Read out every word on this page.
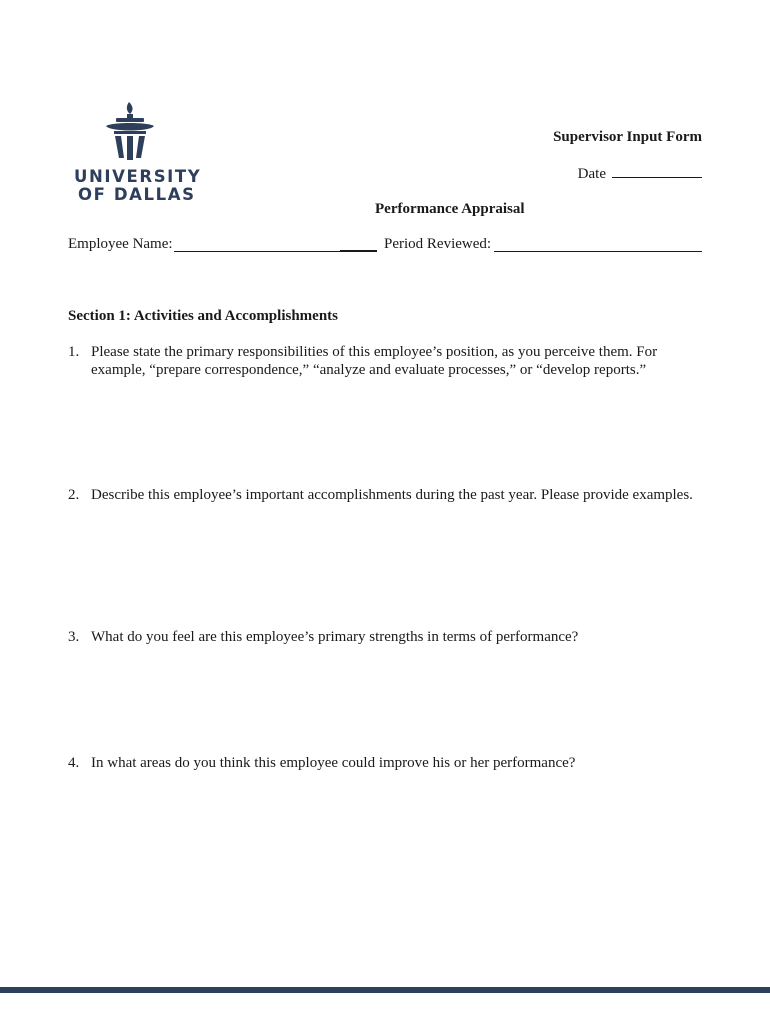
UNIVERSITY
OF DALLAS
Supervisor Input Form
Date
Performance Appraisal
Employee Name:	Period Reviewed:
Section 1: Activities and Accomplishments
1. Please state the primary responsibilities of this employee’s position, as you perceive them. For example, “prepare correspondence,” “analyze and evaluate processes,” or “develop reports.”
2. Describe this employee’s important accomplishments during the past year. Please provide examples.
3. What do you feel are this employee’s primary strengths in terms of performance?
4. In what areas do you think this employee could improve his or her performance?
